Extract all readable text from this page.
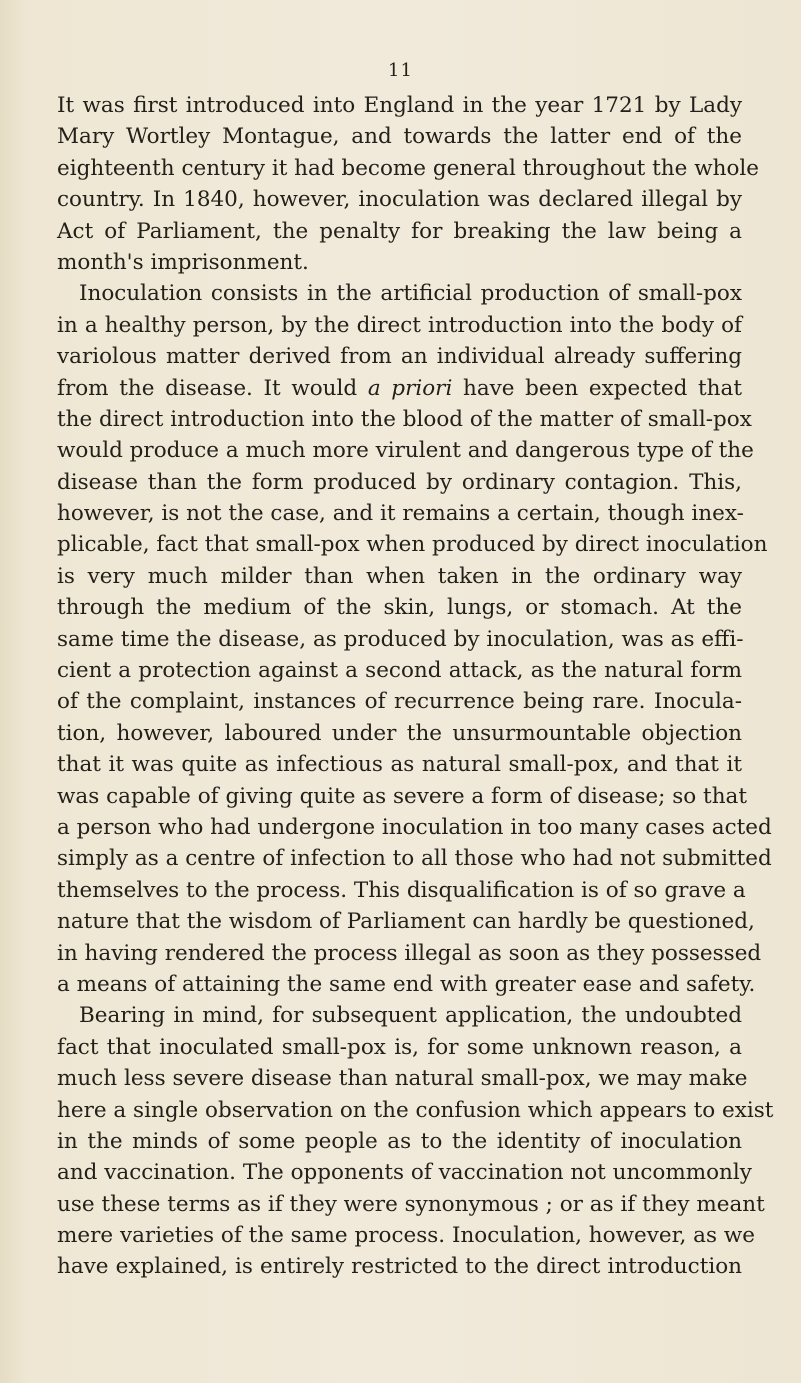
11
It was first introduced into England in the year 1721 by Lady
Mary Wortley Montague, and towards the latter end of the
eighteenth century it had become general throughout the whole
country. In 1840, however, inoculation was declared illegal by
Act of Parliament, the penalty for breaking the law being a
month's imprisonment.
Inoculation consists in the artificial production of small-pox
in a healthy person, by the direct introduction into the body of
variolous matter derived from an individual already suffering
from the disease. It would a priori have been expected that
the direct introduction into the blood of the matter of small-pox
would produce a much more virulent and dangerous type of the
disease than the form produced by ordinary contagion. This,
however, is not the case, and it remains a certain, though inex-
plicable, fact that small-pox when produced by direct inoculation
is very much milder than when taken in the ordinary way
through the medium of the skin, lungs, or stomach. At the
same time the disease, as produced by inoculation, was as effi-
cient a protection against a second attack, as the natural form
of the complaint, instances of recurrence being rare. Inocula-
tion, however, laboured under the unsurmountable objection
that it was quite as infectious as natural small-pox, and that it
was capable of giving quite as severe a form of disease; so that
a person who had undergone inoculation in too many cases acted
simply as a centre of infection to all those who had not submitted
themselves to the process. This disqualification is of so grave a
nature that the wisdom of Parliament can hardly be questioned,
in having rendered the process illegal as soon as they possessed
a means of attaining the same end with greater ease and safety.
Bearing in mind, for subsequent application, the undoubted
fact that inoculated small-pox is, for some unknown reason, a
much less severe disease than natural small-pox, we may make
here a single observation on the confusion which appears to exist
in the minds of some people as to the identity of inoculation
and vaccination. The opponents of vaccination not uncommonly
use these terms as if they were synonymous ; or as if they meant
mere varieties of the same process. Inoculation, however, as we
have explained, is entirely restricted to the direct introduction
